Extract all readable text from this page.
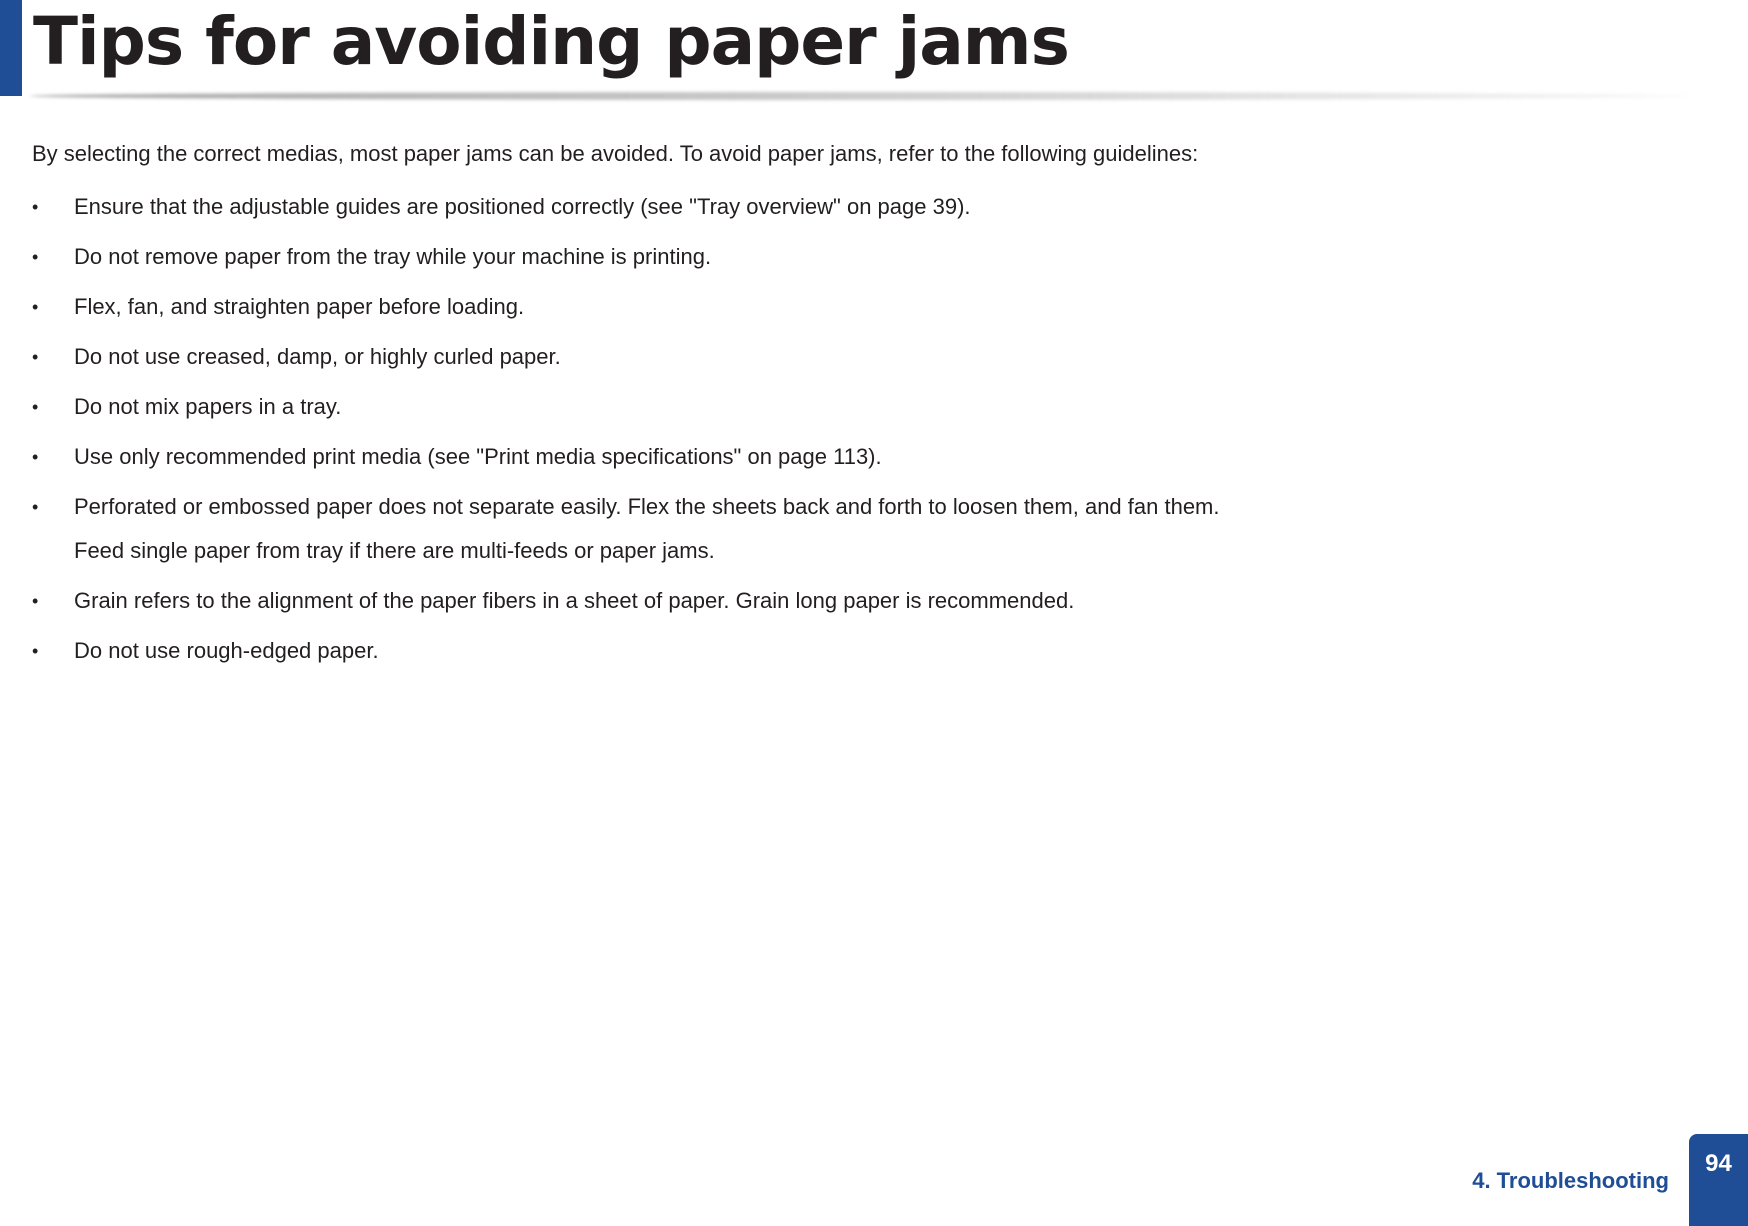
Tips for avoiding paper jams

By selecting the correct medias, most paper jams can be avoided. To avoid paper jams, refer to the following guidelines:

• Ensure that the adjustable guides are positioned correctly (see "Tray overview" on page 39).
• Do not remove paper from the tray while your machine is printing.
• Flex, fan, and straighten paper before loading.
• Do not use creased, damp, or highly curled paper.
• Do not mix papers in a tray.
• Use only recommended print media (see "Print media specifications" on page 113).
• Perforated or embossed paper does not separate easily. Flex the sheets back and forth to loosen them, and fan them.
Feed single paper from tray if there are multi-feeds or paper jams.
• Grain refers to the alignment of the paper fibers in a sheet of paper. Grain long paper is recommended.
• Do not use rough-edged paper.
4. Troubleshooting
94
